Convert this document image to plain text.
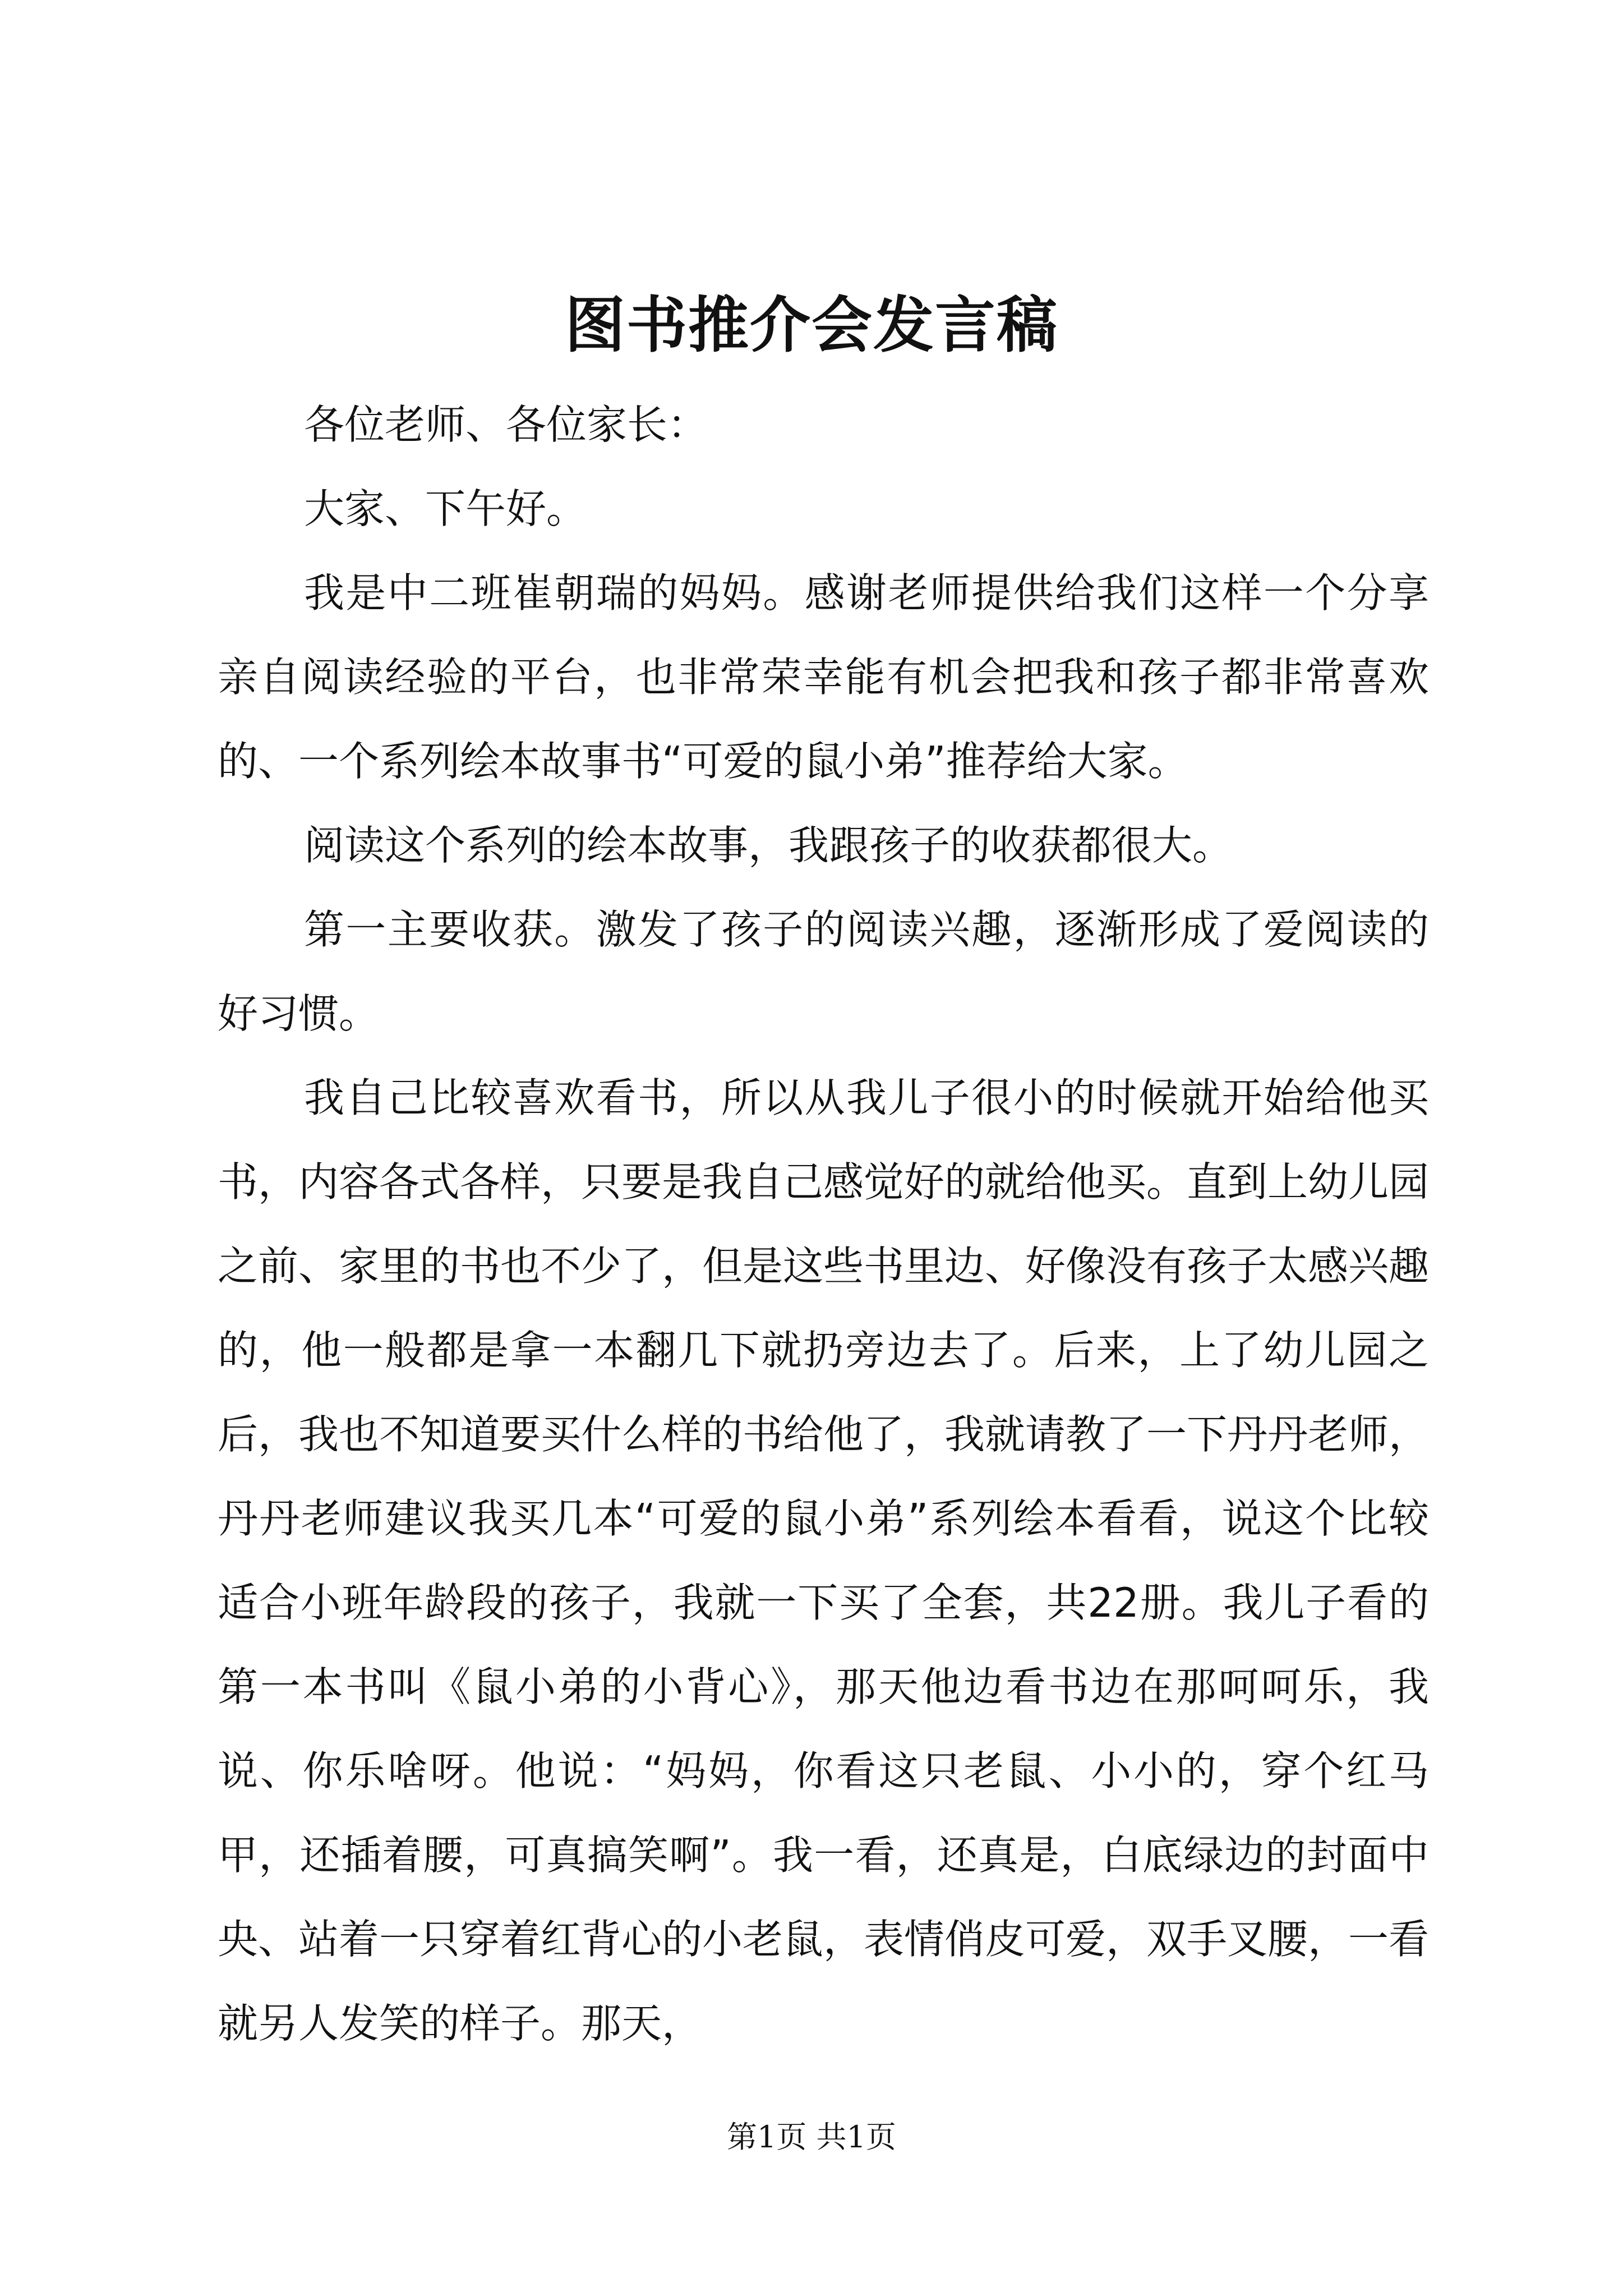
图书推介会发言稿

各位老师、各位家长：

大家、下午好。

我是中二班崔朝瑞的妈妈。感谢老师提供给我们这样一个分享亲自阅读经验的平台，也非常荣幸能有机会把我和孩子都非常喜欢的、一个系列绘本故事书“可爱的鼠小弟”推荐给大家。

阅读这个系列的绘本故事，我跟孩子的收获都很大。

第一主要收获。激发了孩子的阅读兴趣，逐渐形成了爱阅读的好习惯。

我自己比较喜欢看书，所以从我儿子很小的时候就开始给他买书，内容各式各样，只要是我自己感觉好的就给他买。直到上幼儿园之前、家里的书也不少了，但是这些书里边、好像没有孩子太感兴趣的，他一般都是拿一本翻几下就扔旁边去了。后来，上了幼儿园之后，我也不知道要买什么样的书给他了，我就请教了一下丹丹老师，丹丹老师建议我买几本“可爱的鼠小弟”系列绘本看看，说这个比较适合小班年龄段的孩子，我就一下买了全套，共22册。我儿子看的第一本书叫《鼠小弟的小背心》，那天他边看书边在那呵呵乐，我说、你乐啥呀。他说：“妈妈，你看这只老鼠、小小的，穿个红马甲，还插着腰，可真搞笑啊”。我一看，还真是，白底绿边的封面中央、站着一只穿着红背心的小老鼠，表情俏皮可爱，双手叉腰，一看就另人发笑的样子。那天，

第1页 共1页
